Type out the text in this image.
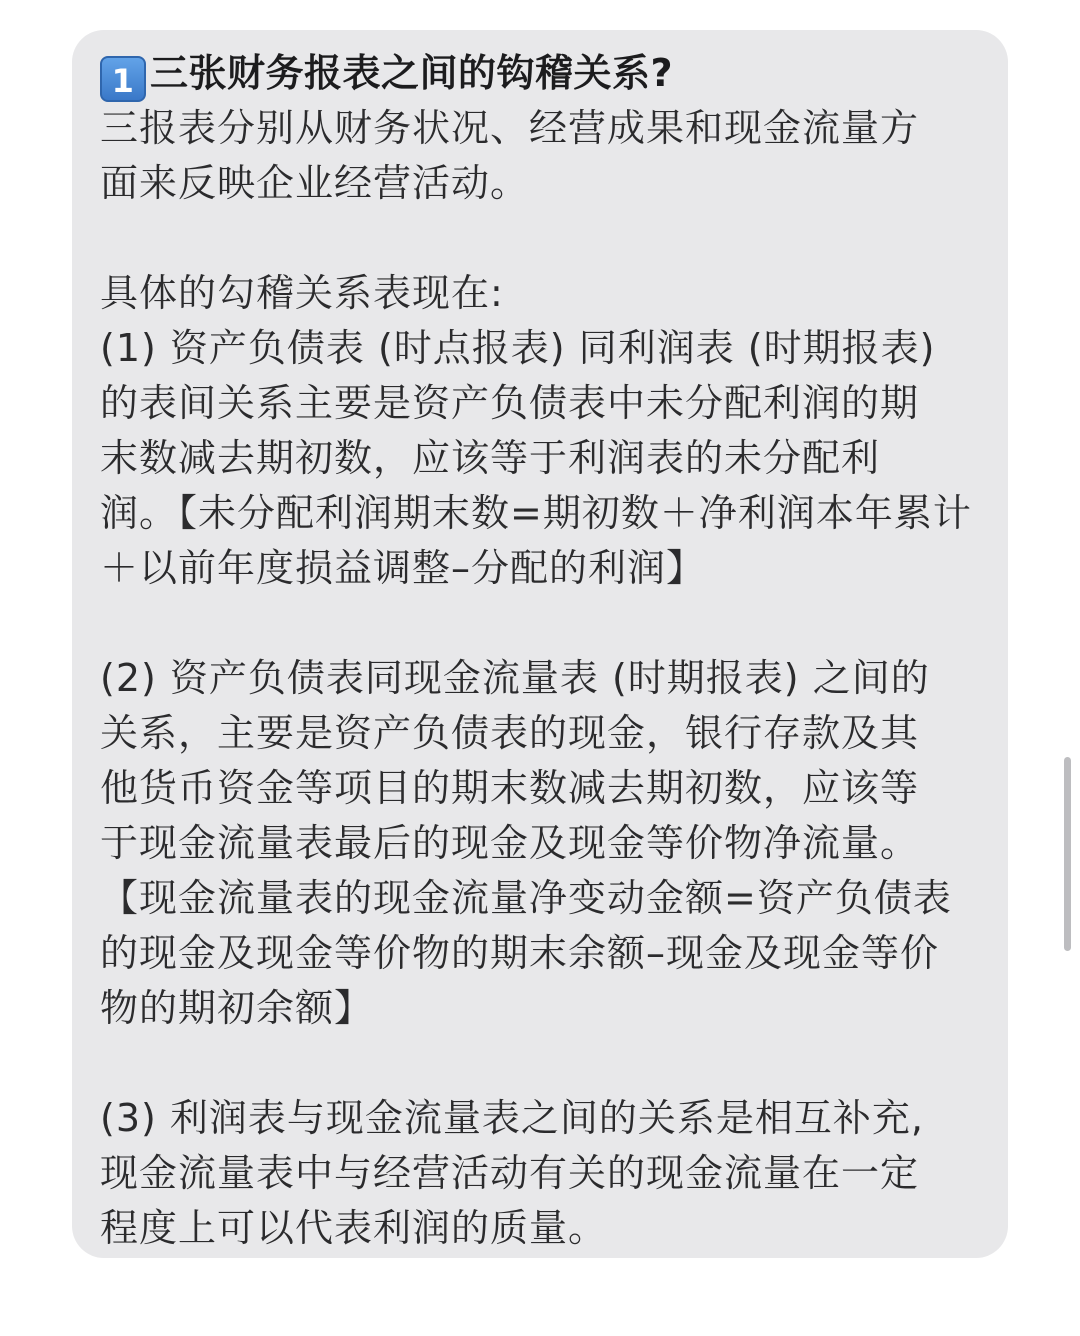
1 三张财务报表之间的钩稽关系?
三报表分别从财务状况、经营成果和现金流量方
面来反映企业经营活动。
具体的勾稽关系表现在:
(1) 资产负债表 (时点报表) 同利润表 (时期报表)
的表间关系主要是资产负债表中未分配利润的期
末数减去期初数，应该等于利润表的未分配利
润。【未分配利润期末数=期初数＋净利润本年累计
＋以前年度损益调整–分配的利润】
(2) 资产负债表同现金流量表 (时期报表) 之间的
关系，主要是资产负债表的现金，银行存款及其
他货币资金等项目的期末数减去期初数，应该等
于现金流量表最后的现金及现金等价物净流量。
【现金流量表的现金流量净变动金额=资产负债表
的现金及现金等价物的期末余额–现金及现金等价
物的期初余额】
(3) 利润表与现金流量表之间的关系是相互补充,
现金流量表中与经营活动有关的现金流量在一定
程度上可以代表利润的质量。
